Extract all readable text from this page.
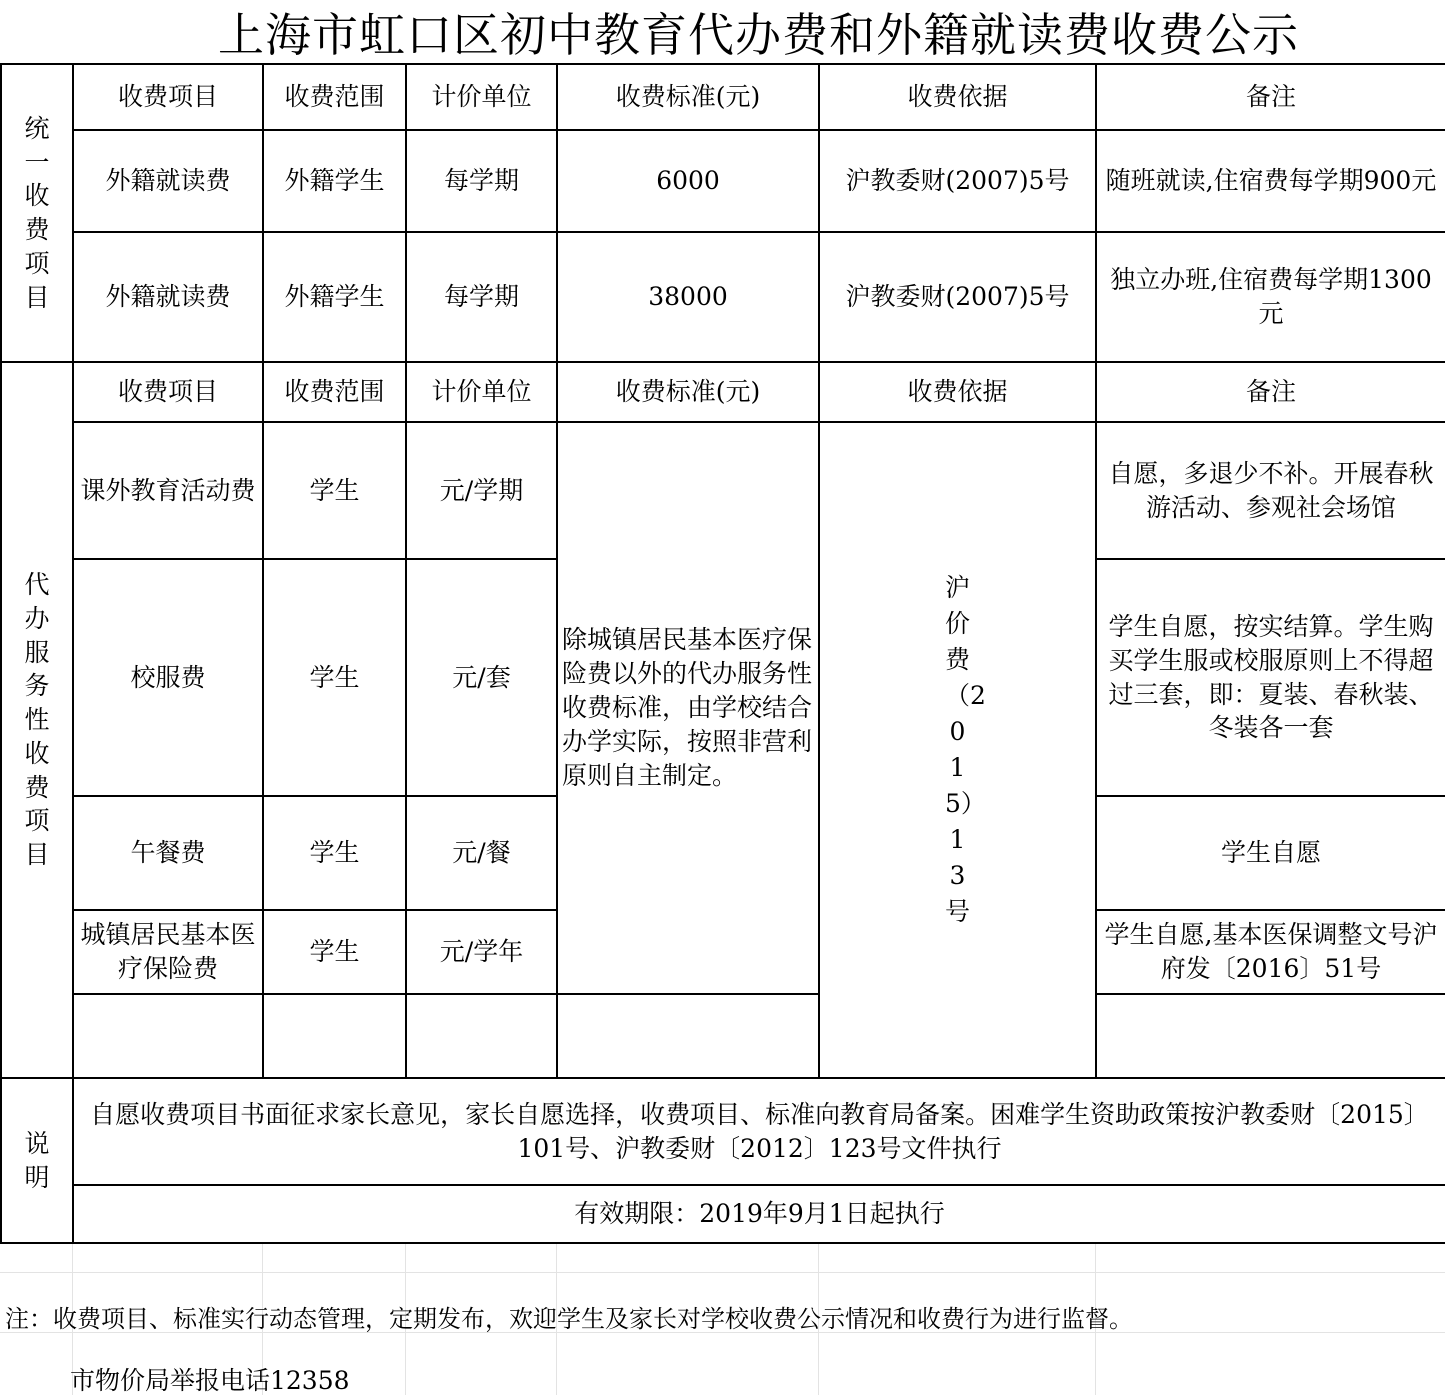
上海市虹口区初中教育代办费和外籍就读费收费公示
统一收费项目	收费项目	收费范围	计价单位	收费标准(元)	收费依据	备注
	外籍就读费	外籍学生	每学期	6000	沪教委财(2007)5号	随班就读,住宿费每学期900元
	外籍就读费	外籍学生	每学期	38000	沪教委财(2007)5号	独立办班,住宿费每学期1300元
代办服务性收费项目	收费项目	收费范围	计价单位	收费标准(元)	收费依据	备注
	课外教育活动费	学生	元/学期	除城镇居民基本医疗保险费以外的代办服务性收费标准，由学校结合办学实际，按照非营利原则自主制定。	沪价费（2015）13号	自愿，多退少不补。开展春秋游活动、参观社会场馆
	校服费	学生	元/套			学生自愿，按实结算。学生购买学生服或校服原则上不得超过三套，即：夏装、春秋装、冬装各一套
	午餐费	学生	元/餐			学生自愿
	城镇居民基本医疗保险费	学生	元/学年			学生自愿,基本医保调整文号沪府发〔2016〕51号

说明	自愿收费项目书面征求家长意见，家长自愿选择，收费项目、标准向教育局备案。困难学生资助政策按沪教委财〔2015〕101号、沪教委财〔2012〕123号文件执行					
	有效期限：2019年9月1日起执行					
注：收费项目、标准实行动态管理，定期发布，欢迎学生及家长对学校收费公示情况和收费行为进行监督。
市物价局举报电话12358
